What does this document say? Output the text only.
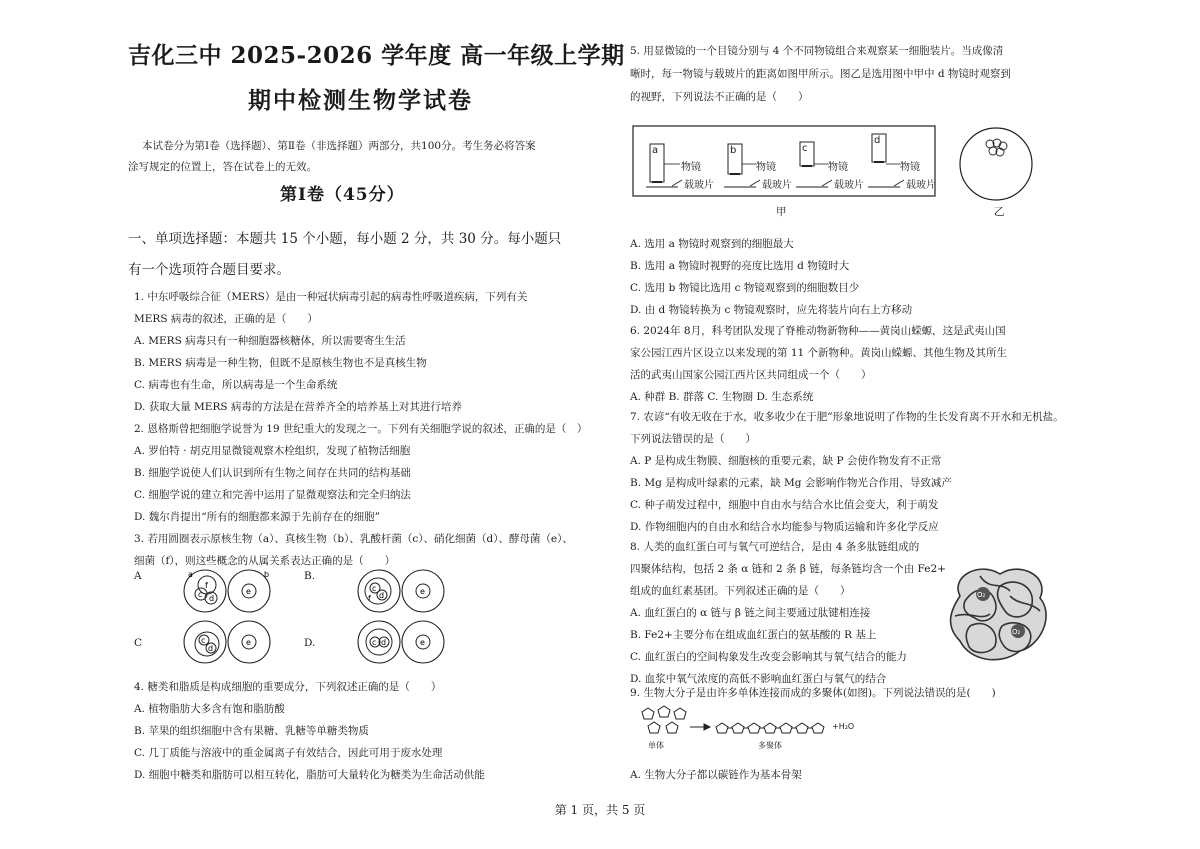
吉化三中 2025-2026 学年度 高一年级上学期
期中检测生物学试卷
本试卷分为第Ⅰ卷（选择题）、第Ⅱ卷（非选择题）两部分，共100分。考生务必将答案
涂写规定的位置上，答在试卷上的无效。
第Ⅰ卷（45分）
一、单项选择题：本题共 15 个小题，每小题 2 分，共 30 分。每小题只
有一个选项符合题目要求。
1. 中东呼吸综合征（MERS）是由一种冠状病毒引起的病毒性呼吸道疾病，下列有关
MERS 病毒的叙述，正确的是（　　）
A. MERS 病毒只有一种细胞器核糖体，所以需要寄生生活
B. MERS 病毒是一种生物，但既不是原核生物也不是真核生物
C. 病毒也有生命，所以病毒是一个生命系统
D. 获取大量 MERS 病毒的方法是在营养齐全的培养基上对其进行培养
2. 恩格斯曾把细胞学说誉为 19 世纪重大的发现之一。下列有关细胞学说的叙述，正确的是（　）
A. 罗伯特 · 胡克用显微镜观察木栓组织，发现了植物活细胞
B. 细胞学说使人们认识到所有生物之间存在共同的结构基础
C. 细胞学说的建立和完善中运用了显微观察法和完全归纳法
D. 魏尔肖提出“所有的细胞都来源于先前存在的细胞”
3. 若用圆圈表示原核生物（a）、真核生物（b）、乳酸杆菌（c）、硝化细菌（d）、酵母菌（e）、
细菌（f），则这些概念的从属关系表达正确的是（　　）
A
f
c d
e
a	b	B.
c
d
f
e
C	c
d
e	D.	c d	e
4. 糖类和脂质是构成细胞的重要成分，下列叙述正确的是（　　）
A. 植物脂肪大多含有饱和脂肪酸
B. 苹果的组织细胞中含有果糖、乳糖等单糖类物质
C. 几丁质能与溶液中的重金属离子有效结合，因此可用于废水处理
D. 细胞中糖类和脂肪可以相互转化，脂肪可大量转化为糖类为生命活动供能
5. 用显微镜的一个目镜分别与 4 个不同物镜组合来观察某一细胞装片。当成像清
晰时，每一物镜与载玻片的距离如图甲所示。图乙是选用图中甲中 d 物镜时观察到
的视野，下列说法不正确的是（　　）
a	b	c
d
物镜
载玻片
物镜
载玻片
物镜
载玻片
物镜
载玻片
甲	乙
A. 选用 a 物镜时观察到的细胞最大
B. 选用 a 物镜时视野的亮度比选用 d 物镜时大
C. 选用 b 物镜比选用 c 物镜观察到的细胞数目少
D. 由 d 物镜转换为 c 物镜观察时，应先将装片向右上方移动
6. 2024年 8月，科考团队发现了脊椎动物新物种——黄岗山蝾螈，这是武夷山国
家公园江西片区设立以来发现的第 11 个新物种。黄岗山蝾螈、其他生物及其所生
活的武夷山国家公园江西片区共同组成一个（　　）
A. 种群 B. 群落 C. 生物圈 D. 生态系统
7. 农谚“有收无收在于水，收多收少在于肥”形象地说明了作物的生长发育离不开水和无机盐。
下列说法错误的是（　　）
A. P 是构成生物膜、细胞核的重要元素，缺 P 会使作物发育不正常
B. Mg 是构成叶绿素的元素，缺 Mg 会影响作物光合作用，导致减产
C. 种子萌发过程中，细胞中自由水与结合水比值会变大，利于萌发
D. 作物细胞内的自由水和结合水均能参与物质运输和许多化学反应
8. 人类的血红蛋白可与氧气可逆结合，是由 4 条多肽链组成的
四聚体结构，包括 2 条 α 链和 2 条 β 链，每条链均含一个由 Fe2+
组成的血红素基团。下列叙述正确的是（　　）
A. 血红蛋白的 α 链与 β 链之间主要通过肽键相连接
B. Fe2+主要分布在组成血红蛋白的氨基酸的 R 基上
C. 血红蛋白的空间构象发生改变会影响其与氧气结合的能力
D. 血浆中氧气浓度的高低不影响血红蛋白与氧气的结合
O₂
O₂
9. 生物大分子是由许多单体连接而成的多聚体(如图)。下列说法错误的是(　　)
+H₂O
单体	多聚体
A. 生物大分子都以碳链作为基本骨架
第 1 页，共 5 页
